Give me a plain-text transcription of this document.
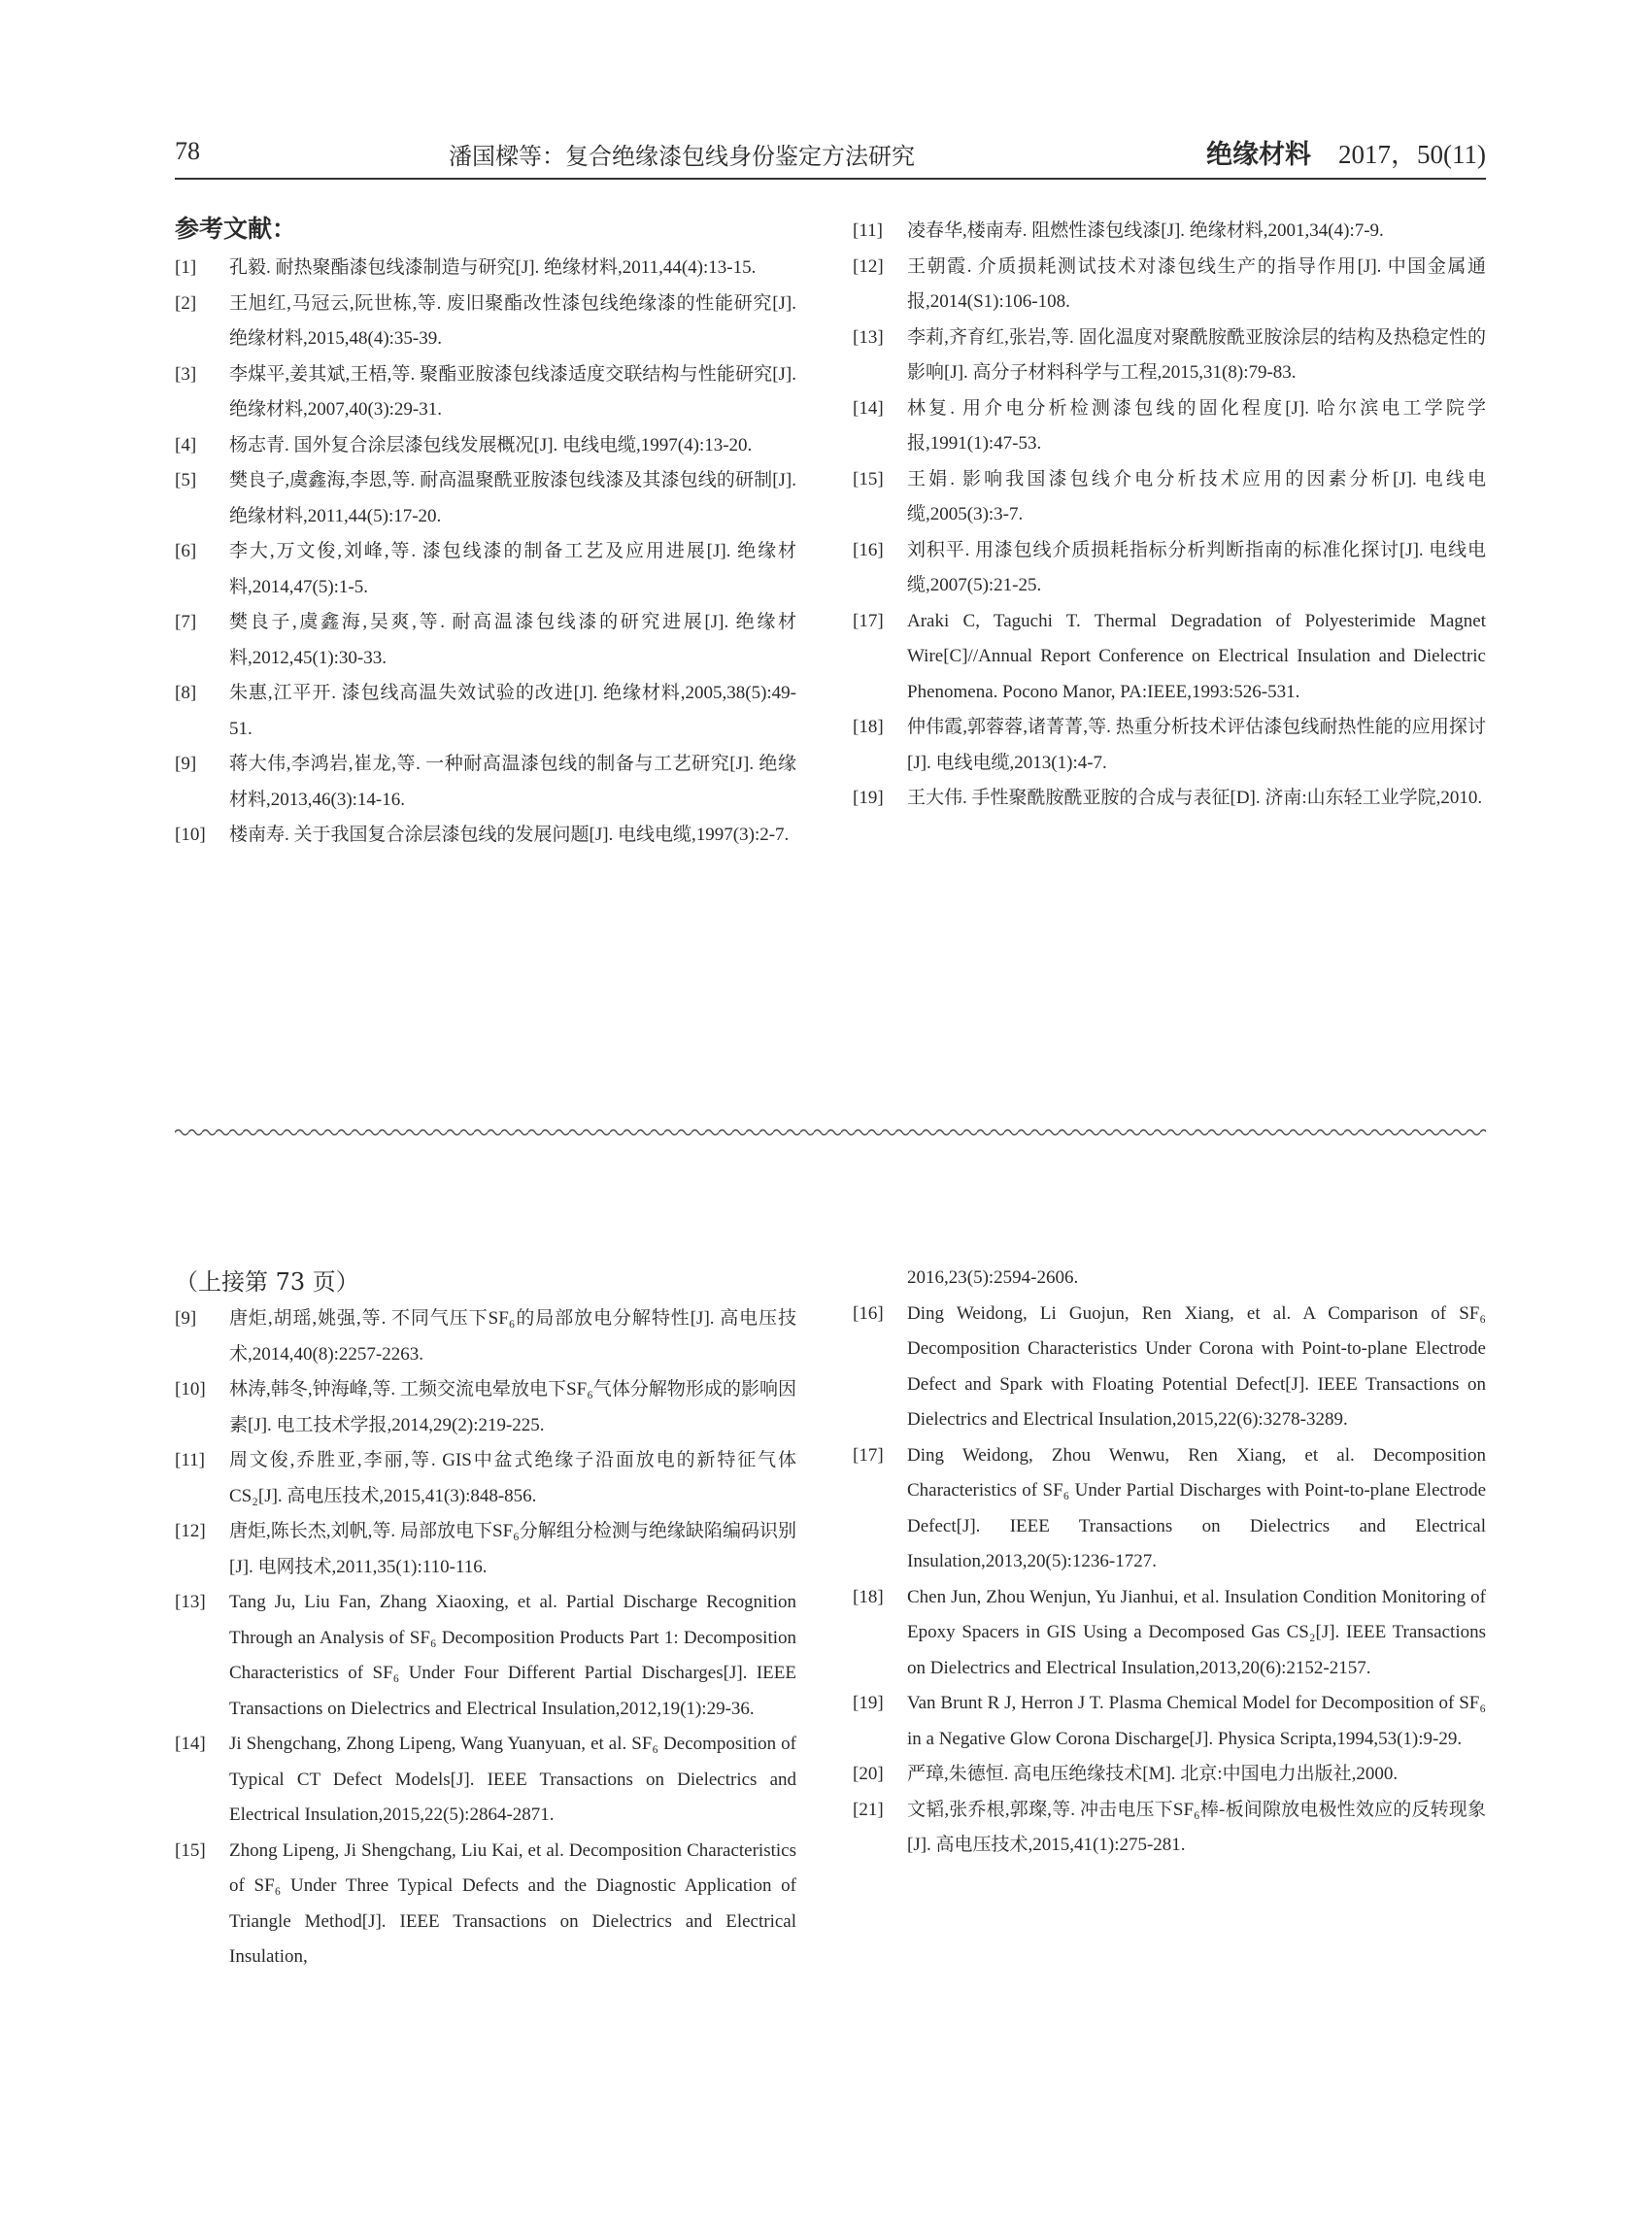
78	潘国樑等：复合绝缘漆包线身份鉴定方法研究	绝缘材料 2017，50(11)
参考文献：
[1] 孔毅. 耐热聚酯漆包线漆制造与研究[J]. 绝缘材料,2011,44(4):13-15.
[2] 王旭红,马冠云,阮世栋,等. 废旧聚酯改性漆包线绝缘漆的性能研究[J]. 绝缘材料,2015,48(4):35-39.
[3] 李煤平,姜其斌,王梧,等. 聚酯亚胺漆包线漆适度交联结构与性能研究[J]. 绝缘材料,2007,40(3):29-31.
[4] 杨志青. 国外复合涂层漆包线发展概况[J]. 电线电缆,1997(4):13-20.
[5] 樊良子,虞鑫海,李恩,等. 耐高温聚酰亚胺漆包线漆及其漆包线的研制[J]. 绝缘材料,2011,44(5):17-20.
[6] 李大,万文俊,刘峰,等. 漆包线漆的制备工艺及应用进展[J]. 绝缘材料,2014,47(5):1-5.
[7] 樊良子,虞鑫海,吴爽,等. 耐高温漆包线漆的研究进展[J]. 绝缘材料,2012,45(1):30-33.
[8] 朱惠,江平开. 漆包线高温失效试验的改进[J]. 绝缘材料,2005,38(5):49-51.
[9] 蒋大伟,李鸿岩,崔龙,等. 一种耐高温漆包线的制备与工艺研究[J]. 绝缘材料,2013,46(3):14-16.
[10] 楼南寿. 关于我国复合涂层漆包线的发展问题[J]. 电线电缆,1997(3):2-7.
[11] 凌春华,楼南寿. 阻燃性漆包线漆[J]. 绝缘材料,2001,34(4):7-9.
[12] 王朝霞. 介质损耗测试技术对漆包线生产的指导作用[J]. 中国金属通报,2014(S1):106-108.
[13] 李莉,齐育红,张岩,等. 固化温度对聚酰胺酰亚胺涂层的结构及热稳定性的影响[J]. 高分子材料科学与工程,2015,31(8):79-83.
[14] 林复. 用介电分析检测漆包线的固化程度[J]. 哈尔滨电工学院学报,1991(1):47-53.
[15] 王娟. 影响我国漆包线介电分析技术应用的因素分析[J]. 电线电缆,2005(3):3-7.
[16] 刘积平. 用漆包线介质损耗指标分析判断指南的标准化探讨[J]. 电线电缆,2007(5):21-25.
[17] Araki C, Taguchi T. Thermal Degradation of Polyesterimide Magnet Wire[C]//Annual Report Conference on Electrical Insulation and Dielectric Phenomena. Pocono Manor, PA:IEEE,1993:526-531.
[18] 仲伟霞,郭蓉蓉,诸菁菁,等. 热重分析技术评估漆包线耐热性能的应用探讨[J]. 电线电缆,2013(1):4-7.
[19] 王大伟. 手性聚酰胺酰亚胺的合成与表征[D]. 济南:山东轻工业学院,2010.
（上接第 73 页）
[9] 唐炬,胡瑶,姚强,等. 不同气压下SF₆的局部放电分解特性[J]. 高电压技术,2014,40(8):2257-2263.
[10] 林涛,韩冬,钟海峰,等. 工频交流电晕放电下SF₆气体分解物形成的影响因素[J]. 电工技术学报,2014,29(2):219-225.
[11] 周文俊,乔胜亚,李丽,等. GIS中盆式绝缘子沿面放电的新特征气体CS₂[J]. 高电压技术,2015,41(3):848-856.
[12] 唐炬,陈长杰,刘帆,等. 局部放电下SF₆分解组分检测与绝缘缺陷编码识别[J]. 电网技术,2011,35(1):110-116.
[13] Tang Ju, Liu Fan, Zhang Xiaoxing, et al. Partial Discharge Recognition Through an Analysis of SF₆ Decomposition Products Part 1: Decomposition Characteristics of SF₆ Under Four Different Partial Discharges[J]. IEEE Transactions on Dielectrics and Electrical Insulation,2012,19(1):29-36.
[14] Ji Shengchang, Zhong Lipeng, Wang Yuanyuan, et al. SF₆ Decomposition of Typical CT Defect Models[J]. IEEE Transactions on Dielectrics and Electrical Insulation,2015,22(5):2864-2871.
[15] Zhong Lipeng, Ji Shengchang, Liu Kai, et al. Decomposition Characteristics of SF₆ Under Three Typical Defects and the Diagnostic Application of Triangle Method[J]. IEEE Transactions on Dielectrics and Electrical Insulation,
2016,23(5):2594-2606.
[16] Ding Weidong, Li Guojun, Ren Xiang, et al. A Comparison of SF₆ Decomposition Characteristics Under Corona with Point-to-plane Electrode Defect and Spark with Floating Potential Defect[J]. IEEE Transactions on Dielectrics and Electrical Insulation,2015,22(6):3278-3289.
[17] Ding Weidong, Zhou Wenwu, Ren Xiang, et al. Decomposition Characteristics of SF₆ Under Partial Discharges with Point-to-plane Electrode Defect[J]. IEEE Transactions on Dielectrics and Electrical Insulation,2013,20(5):1236-1727.
[18] Chen Jun, Zhou Wenjun, Yu Jianhui, et al. Insulation Condition Monitoring of Epoxy Spacers in GIS Using a Decomposed Gas CS₂[J]. IEEE Transactions on Dielectrics and Electrical Insulation,2013,20(6):2152-2157.
[19] Van Brunt R J, Herron J T. Plasma Chemical Model for Decomposition of SF₆ in a Negative Glow Corona Discharge[J]. Physica Scripta,1994,53(1):9-29.
[20] 严璋,朱德恒. 高电压绝缘技术[M]. 北京:中国电力出版社,2000.
[21] 文韬,张乔根,郭璨,等. 冲击电压下SF₆棒-板间隙放电极性效应的反转现象[J]. 高电压技术,2015,41(1):275-281.
